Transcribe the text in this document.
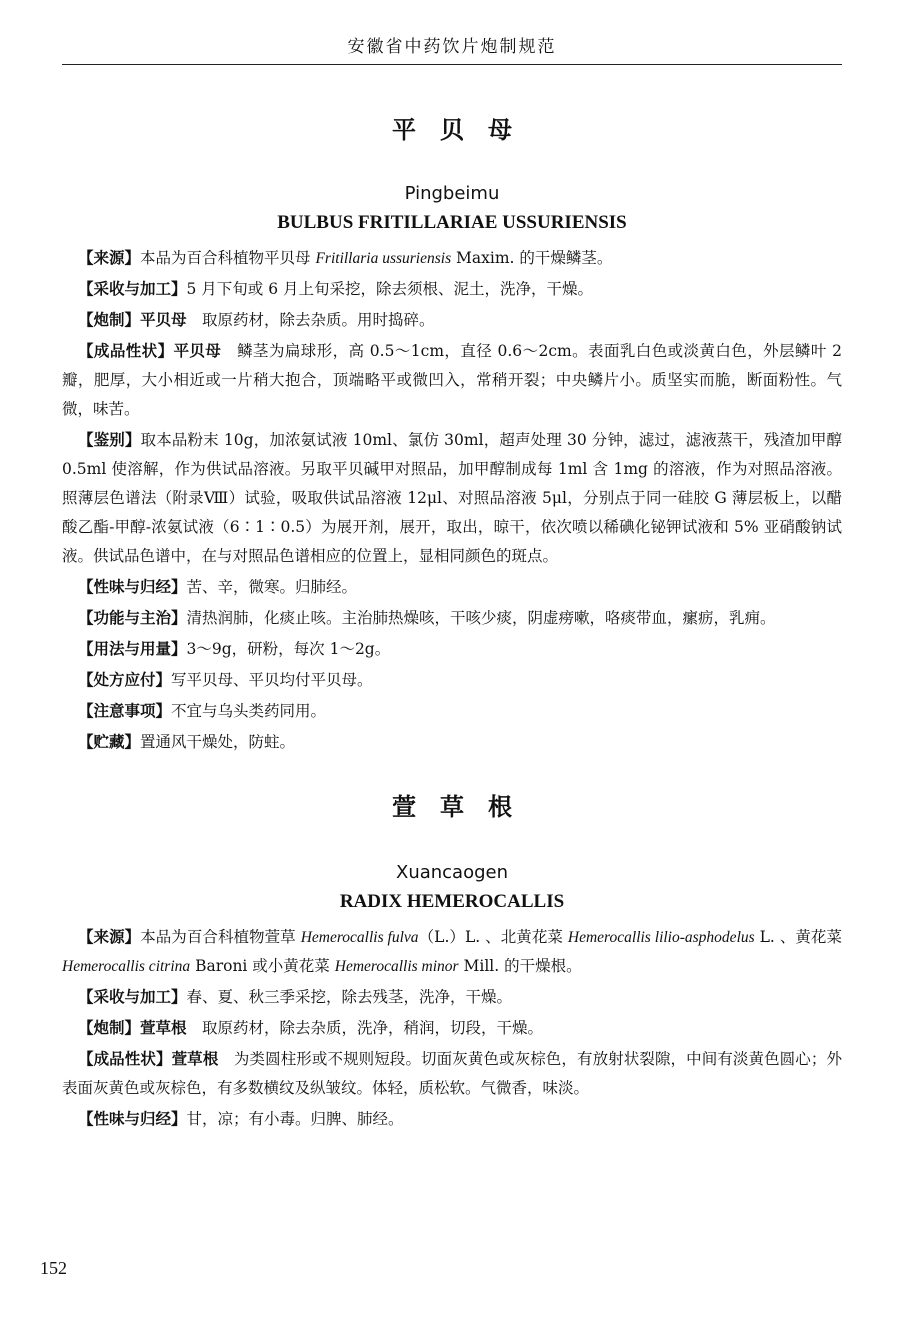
安徽省中药饮片炮制规范
平贝母
Pingbeimu
BULBUS FRITILLARIAE USSURIENSIS

【来源】本品为百合科植物平贝母 Fritillaria ussuriensis Maxim. 的干燥鳞茎。

【采收与加工】5 月下旬或 6 月上旬采挖，除去须根、泥土，洗净，干燥。

【炮制】平贝母　取原药材，除去杂质。用时捣碎。

【成品性状】平贝母　鳞茎为扁球形，高 0.5～1cm，直径 0.6～2cm。表面乳白色或淡黄白色，外层鳞叶 2 瓣，肥厚，大小相近或一片稍大抱合，顶端略平或微凹入，常稍开裂；中央鳞片小。质坚实而脆，断面粉性。气微，味苦。

【鉴别】取本品粉末 10g，加浓氨试液 10ml、氯仿 30ml，超声处理 30 分钟，滤过，滤液蒸干，残渣加甲醇 0.5ml 使溶解，作为供试品溶液。另取平贝碱甲对照品，加甲醇制成每 1ml 含 1mg 的溶液，作为对照品溶液。照薄层色谱法（附录Ⅷ）试验，吸取供试品溶液 12μl、对照品溶液 5μl，分别点于同一硅胶 G 薄层板上，以醋酸乙酯-甲醇-浓氨试液（6∶1∶0.5）为展开剂，展开，取出，晾干，依次喷以稀碘化铋钾试液和 5% 亚硝酸钠试液。供试品色谱中，在与对照品色谱相应的位置上，显相同颜色的斑点。

【性味与归经】苦、辛，微寒。归肺经。

【功能与主治】清热润肺，化痰止咳。主治肺热燥咳，干咳少痰，阴虚痨嗽，咯痰带血，瘰疬，乳痈。

【用法与用量】3～9g，研粉，每次 1～2g。

【处方应付】写平贝母、平贝均付平贝母。

【注意事项】不宜与乌头类药同用。

【贮藏】置通风干燥处，防蛀。

萱草根
Xuancaogen
RADIX HEMEROCALLIS

【来源】本品为百合科植物萱草 Hemerocallis fulva（L.）L. 、北黄花菜 Hemerocallis lilio-asphodelus L. 、黄花菜 Hemerocallis citrina Baroni 或小黄花菜 Hemerocallis minor Mill. 的干燥根。

【采收与加工】春、夏、秋三季采挖，除去残茎，洗净，干燥。

【炮制】萱草根　取原药材，除去杂质，洗净，稍润，切段，干燥。

【成品性状】萱草根　为类圆柱形或不规则短段。切面灰黄色或灰棕色，有放射状裂隙，中间有淡黄色圆心；外表面灰黄色或灰棕色，有多数横纹及纵皱纹。体轻，质松软。气微香，味淡。

【性味与归经】甘，凉；有小毒。归脾、肺经。

152
